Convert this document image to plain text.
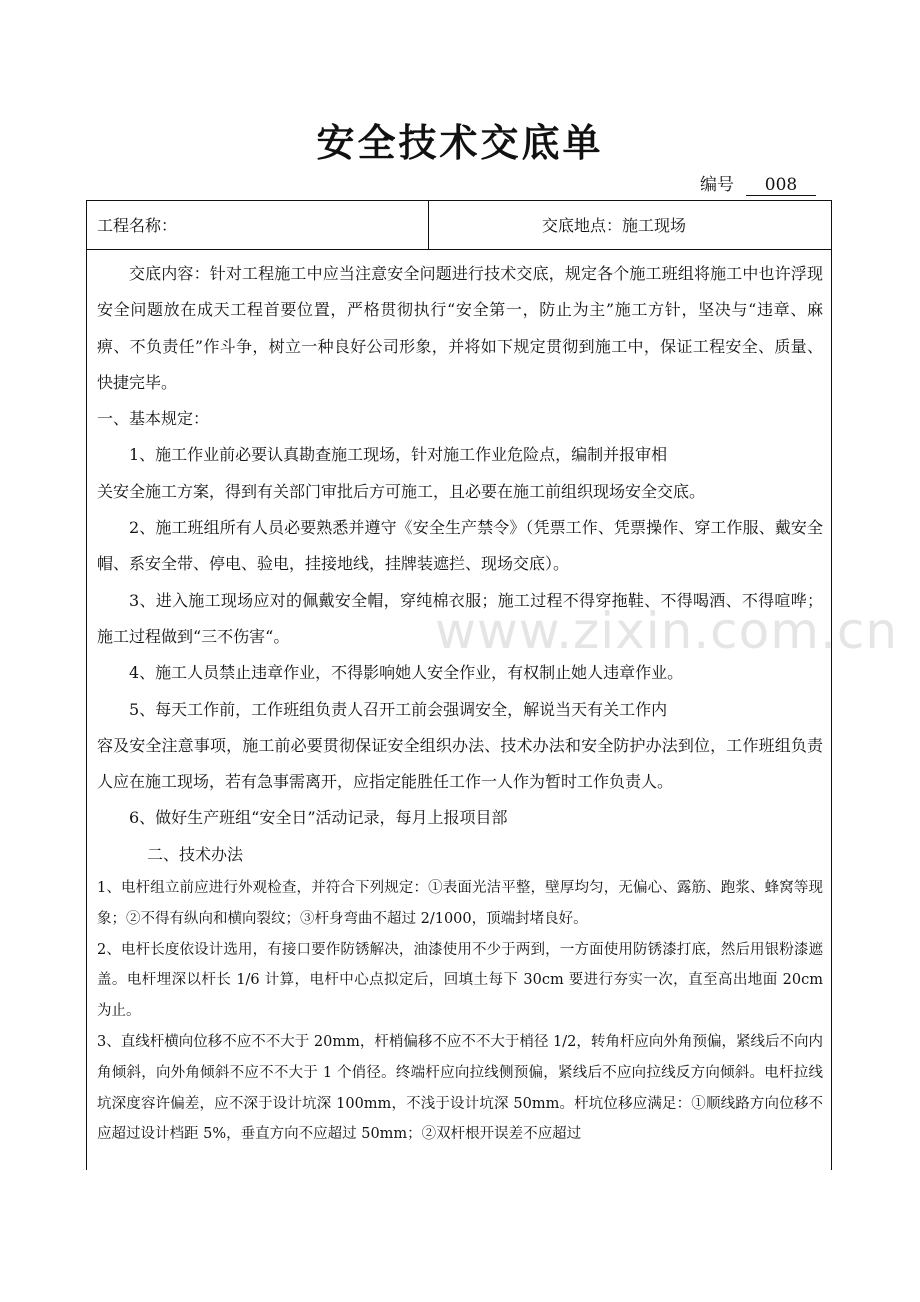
安全技术交底单
编号 008
工程名称：	交底地点：施工现场

交底内容：针对工程施工中应当注意安全问题进行技术交底，规定各个施工班组将施工中也许浮现安全问题放在成天工程首要位置，严格贯彻执行“安全第一，防止为主”施工方针，坚决与“违章、麻痹、不负责任”作斗争，树立一种良好公司形象，并将如下规定贯彻到施工中，保证工程安全、质量、快捷完毕。

一、基本规定：

1、施工作业前必要认真勘查施工现场，针对施工作业危险点，编制并报审相

关安全施工方案，得到有关部门审批后方可施工，且必要在施工前组织现场安全交底。

2、施工班组所有人员必要熟悉并遵守《安全生产禁令》（凭票工作、凭票操作、穿工作服、戴安全帽、系安全带、停电、验电，挂接地线，挂牌装遮拦、现场交底）。

3、进入施工现场应对的佩戴安全帽，穿纯棉衣服；施工过程不得穿拖鞋、不得喝酒、不得喧哗；施工过程做到“三不伤害“。

4、施工人员禁止违章作业，不得影响她人安全作业，有权制止她人违章作业。

5、每天工作前，工作班组负责人召开工前会强调安全，解说当天有关工作内

容及安全注意事项，施工前必要贯彻保证安全组织办法、技术办法和安全防护办法到位，工作班组负责人应在施工现场，若有急事需离开，应指定能胜任工作一人作为暂时工作负责人。

6、做好生产班组“安全日”活动记录，每月上报项目部

二、技术办法

1、电杆组立前应进行外观检查，并符合下列规定：①表面光洁平整，壁厚均匀，无偏心、露筋、跑浆、蜂窝等现象；②不得有纵向和横向裂纹；③杆身弯曲不超过 2/1000，顶端封堵良好。

2、电杆长度依设计选用，有接口要作防锈解决，油漆使用不少于两到，一方面使用防锈漆打底，然后用银粉漆遮盖。电杆埋深以杆长 1/6 计算，电杆中心点拟定后，回填土每下 30cm 要进行夯实一次，直至高出地面 20cm 为止。

3、直线杆横向位移不应不不大于 20mm，杆梢偏移不应不不大于梢径 1/2，转角杆应向外角预偏，紧线后不向内角倾斜，向外角倾斜不应不不大于 1 个俏径。终端杆应向拉线侧预偏，紧线后不应向拉线反方向倾斜。电杆拉线坑深度容许偏差，应不深于设计坑深 100mm，不浅于设计坑深 50mm。杆坑位移应满足：①顺线路方向位移不应超过设计档距 5%，垂直方向不应超过 50mm；②双杆根开误差不应超过

www.zixin.com.cn
